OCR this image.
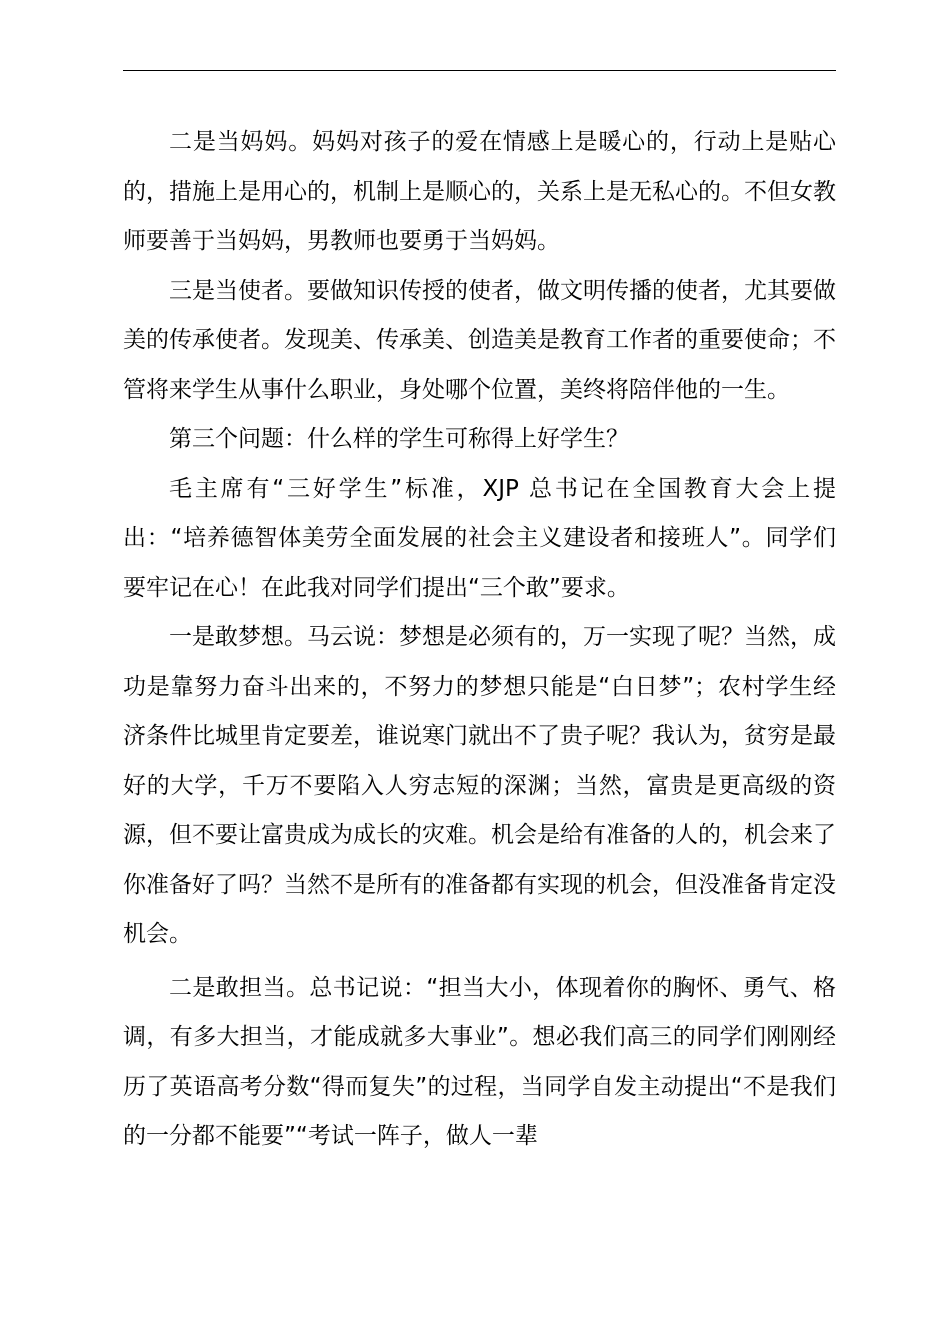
二是当妈妈。妈妈对孩子的爱在情感上是暖心的，行动上是贴心的，措施上是用心的，机制上是顺心的，关系上是无私心的。不但女教师要善于当妈妈，男教师也要勇于当妈妈。

三是当使者。要做知识传授的使者，做文明传播的使者，尤其要做美的传承使者。发现美、传承美、创造美是教育工作者的重要使命；不管将来学生从事什么职业，身处哪个位置，美终将陪伴他的一生。

第三个问题：什么样的学生可称得上好学生？

毛主席有“三好学生”标准，XJP 总书记在全国教育大会上提出：“培养德智体美劳全面发展的社会主义建设者和接班人”。同学们要牢记在心！在此我对同学们提出“三个敢”要求。

一是敢梦想。马云说：梦想是必须有的，万一实现了呢？当然，成功是靠努力奋斗出来的，不努力的梦想只能是“白日梦”；农村学生经济条件比城里肯定要差，谁说寒门就出不了贵子呢？我认为，贫穷是最好的大学，千万不要陷入人穷志短的深渊；当然，富贵是更高级的资源，但不要让富贵成为成长的灾难。机会是给有准备的人的，机会来了你准备好了吗？当然不是所有的准备都有实现的机会，但没准备肯定没机会。

二是敢担当。总书记说：“担当大小，体现着你的胸怀、勇气、格调，有多大担当，才能成就多大事业”。想必我们高三的同学们刚刚经历了英语高考分数“得而复失”的过程，当同学自发主动提出“不是我们的一分都不能要”“考试一阵子，做人一辈
